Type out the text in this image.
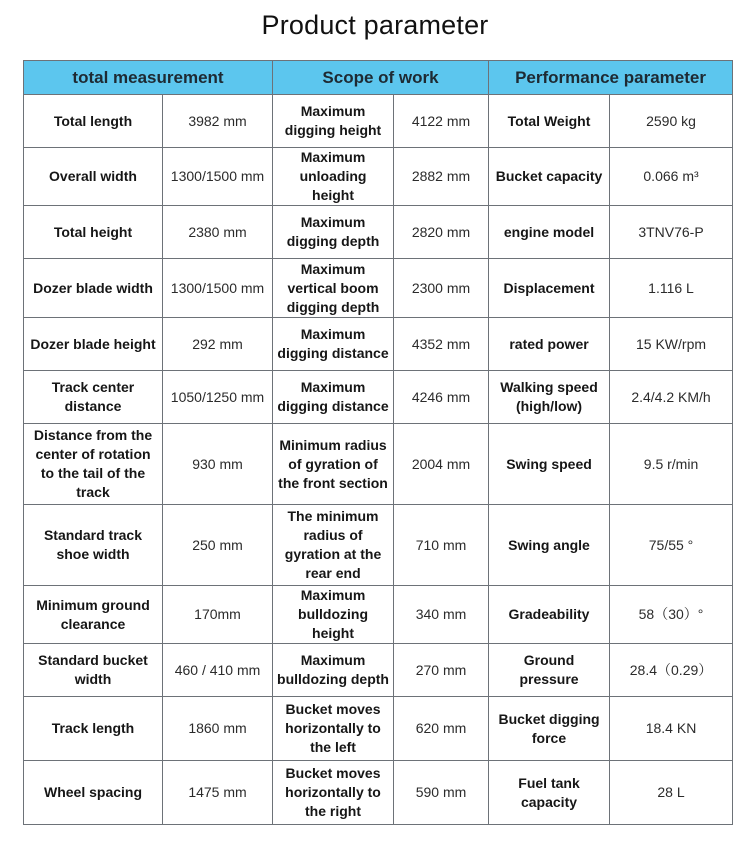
Product parameter
total measurement		Scope of work		Performance parameter	
Total length	3982 mm	Maximum digging height	4122 mm	Total Weight	2590 kg
Overall width	1300/1500 mm	Maximum unloading height	2882 mm	Bucket capacity	0.066 m³
Total height	2380 mm	Maximum digging depth	2820 mm	engine model	3TNV76-P
Dozer blade width	1300/1500 mm	Maximum vertical boom digging depth	2300 mm	Displacement	1.116 L
Dozer blade height	292 mm	Maximum digging distance	4352 mm	rated power	15 KW/rpm
Track center distance	1050/1250 mm	Maximum digging distance	4246 mm	Walking speed (high/low)	2.4/4.2 KM/h
Distance from the center of rotation to the tail of the track	930 mm	Minimum radius of gyration of the front section	2004 mm	Swing speed	9.5 r/min
Standard track shoe width	250 mm	The minimum radius of gyration at the rear end	710 mm	Swing angle	75/55 °
Minimum ground clearance	170mm	Maximum bulldozing height	340 mm	Gradeability	58（30）°
Standard bucket width	460 / 410 mm	Maximum bulldozing depth	270 mm	Ground pressure	28.4（0.29）
Track length	1860 mm	Bucket moves horizontally to the left	620 mm	Bucket digging force	18.4 KN
Wheel spacing	1475 mm	Bucket moves horizontally to the right	590 mm	Fuel tank capacity	28 L
